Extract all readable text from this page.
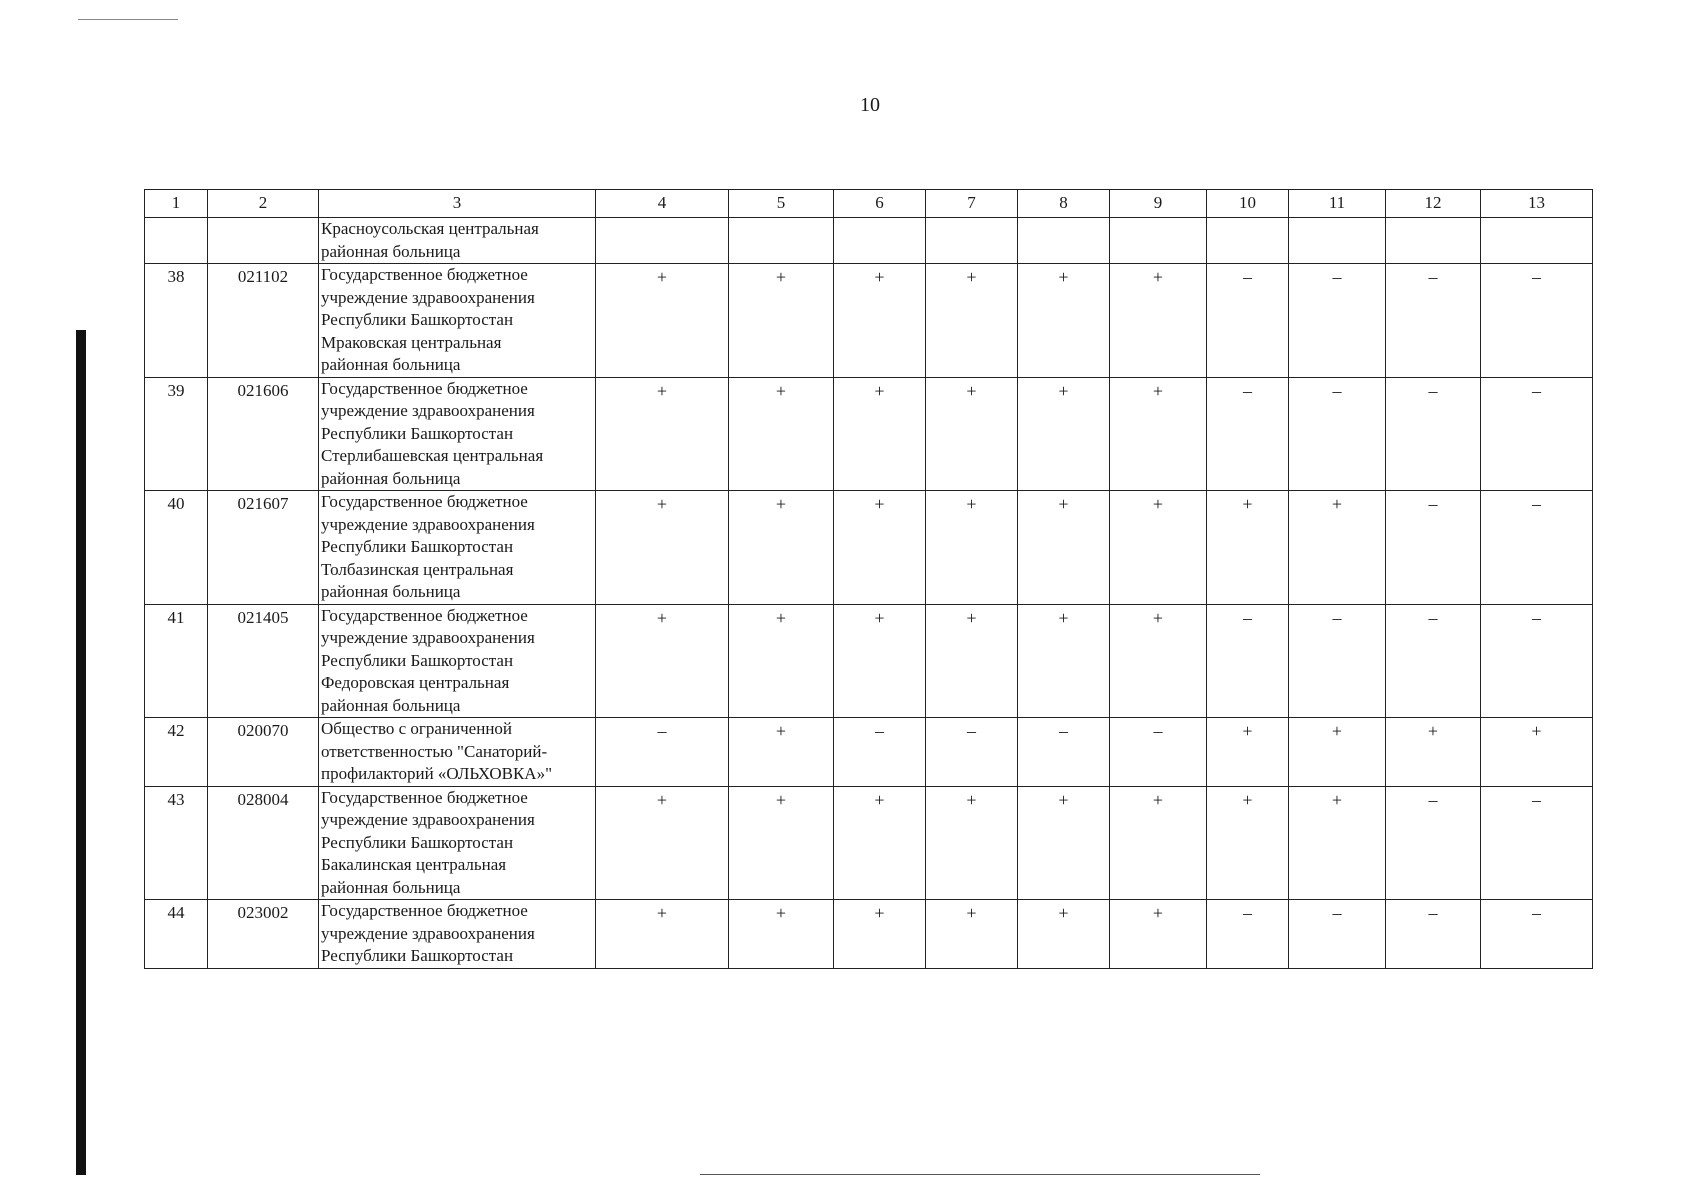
10
1	2	3	4	5	6	7	8	9	10	11	12	13

		Красноусольская центральная
районная больница										

38	021102	Государственное бюджетное
учреждение здравоохранения
Республики Башкортостан
Мраковская центральная
районная больница	+	+	+	+	+	+	–	–	–	–
39	021606	Государственное бюджетное
учреждение здравоохранения
Республики Башкортостан
Стерлибашевская центральная
районная больница	+	+	+	+	+	+	–	–	–	–
40	021607	Государственное бюджетное
учреждение здравоохранения
Республики Башкортостан
Толбазинская центральная
районная больница	+	+	+	+	+	+	+	+	–	–
41	021405	Государственное бюджетное
учреждение здравоохранения
Республики Башкортостан
Федоровская центральная
районная больница	+	+	+	+	+	+	–	–	–	–
42	020070	Общество с ограниченной
ответственностью "Санаторий-
профилакторий «ОЛЬХОВКА»"	–	+	–	–	–	–	+	+	+	+
43	028004	Государственное бюджетное
учреждение здравоохранения
Республики Башкортостан
Бакалинская центральная
районная больница	+	+	+	+	+	+	+	+	–	–
44	023002	Государственное бюджетное
учреждение здравоохранения
Республики Башкортостан	+	+	+	+	+	+	–	–	–	–
